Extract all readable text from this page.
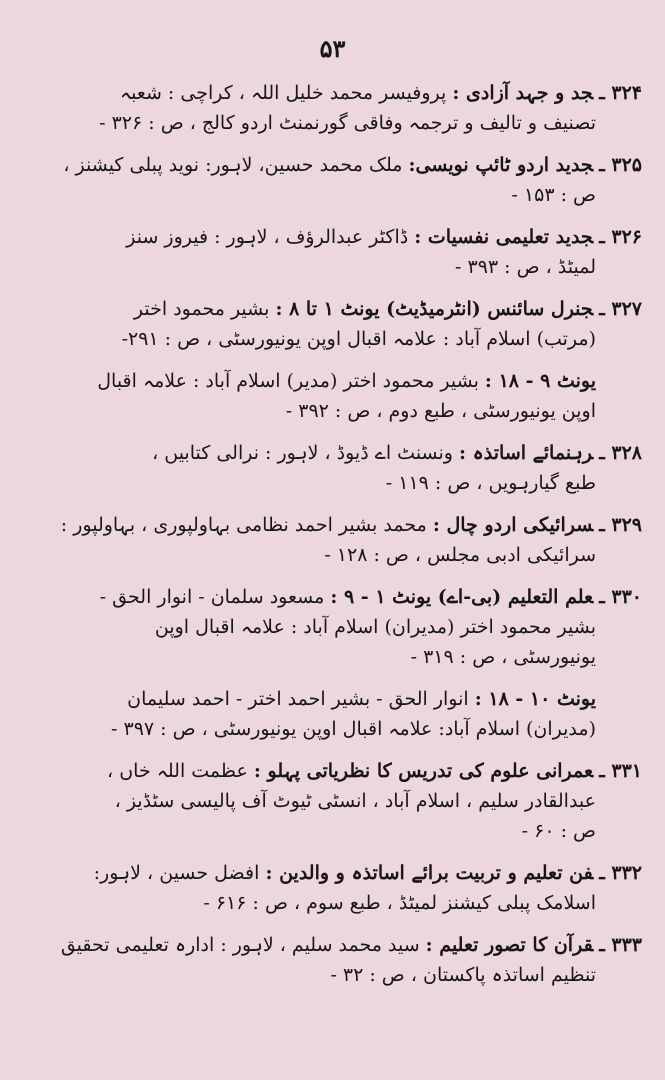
۵۳
۳۲۴ ـجد و جہد آزادی : پروفیسر محمد خلیل اللہ ، کراچی : شعبہ
تصنیف و تالیف و ترجمہ وفاقی گورنمنٹ اردو کالج ، ص : ۳۲۶ -
۳۲۵ ـجدید اردو ٹائپ نویسی: ملک محمد حسین، لاہور: نوید پبلی کیشنز ،
ص : ۱۵۳ -
۳۲۶ ـجدید تعلیمی نفسیات : ڈاکٹر عبدالرؤف ، لاہور : فیروز سنز
لمیٹڈ ، ص : ۳۹۳ -
۳۲۷ ـجنرل سائنس (انٹرمیڈیٹ) یونٹ ۱ تا ۸ : بشیر محمود اختر
(مرتب) اسلام آباد : علامہ اقبال اوپن یونیورسٹی ، ص : ۲۹۱-
یونٹ ۹ - ۱۸ : بشیر محمود اختر (مدیر) اسلام آباد : علامہ اقبال
اوپن یونیورسٹی ، طبع دوم ، ص : ۳۹۲ -
۳۲۸ ـرہنمائے اساتذہ : ونسنٹ اے ڈیوڈ ، لاہور : نرالی کتابیں ،
طبع گیارہویں ، ص : ۱۱۹ -
۳۲۹ ـسرائیکی اردو چال : محمد بشیر احمد نظامی بہاولپوری ، بہاولپور :
سرائیکی ادبی مجلس ، ص : ۱۲۸ -
۳۳۰ ـعلم التعلیم (بی-اے) یونٹ ۱ - ۹ : مسعود سلمان - انوار الحق -
بشیر محمود اختر (مدیران) اسلام آباد : علامہ اقبال اوپن
یونیورسٹی ، ص : ۳۱۹ -
یونٹ ۱۰ - ۱۸ : انوار الحق - بشیر احمد اختر - احمد سلیمان
(مدیران) اسلام آباد: علامہ اقبال اوپن یونیورسٹی ، ص : ۳۹۷ -
۳۳۱ ـعمرانی علوم کی تدریس کا نظریاتی پہلو : عظمت اللہ خاں ،
عبدالقادر سلیم ، اسلام آباد ، انسٹی ٹیوٹ آف پالیسی سٹڈیز ،
ص : ۶۰ -
۳۳۲ ـفن تعلیم و تربیت برائے اساتذہ و والدین : افضل حسین ، لاہور:
اسلامک پبلی کیشنز لمیٹڈ ، طبع سوم ، ص : ۶۱۶ -
۳۳۳ ـقرآن کا تصور تعلیم : سید محمد سلیم ، لاہور : ادارہ تعلیمی تحقیق
تنظیم اساتذہ پاکستان ، ص : ۳۲ -
